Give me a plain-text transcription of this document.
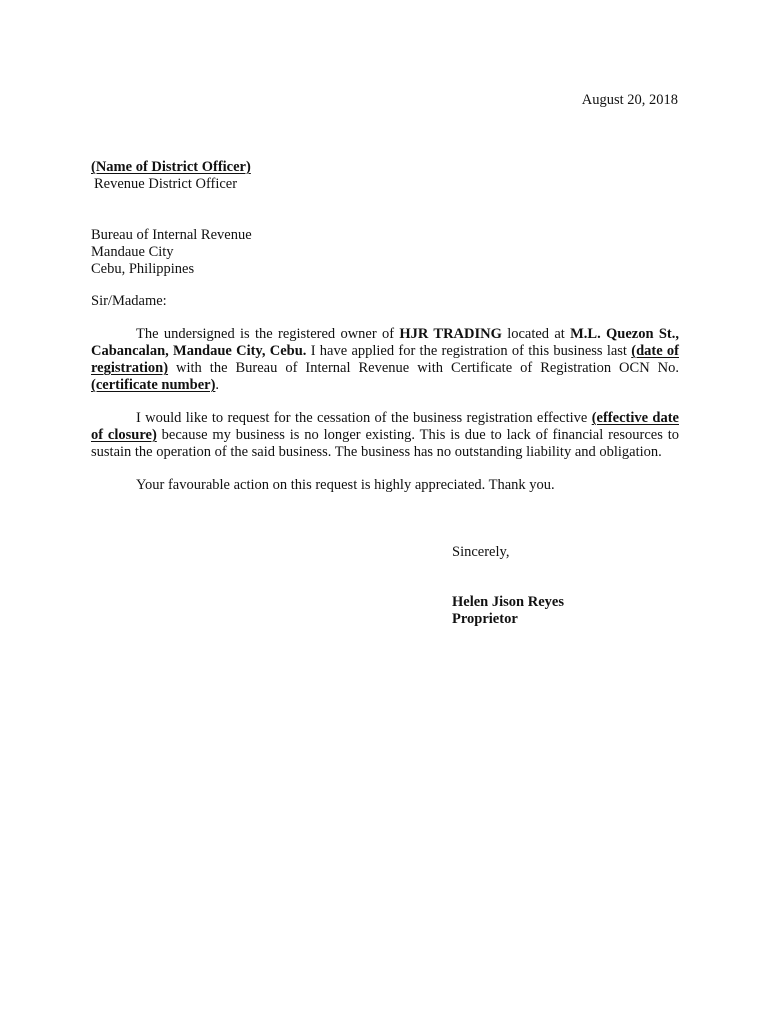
August 20, 2018

(Name of District Officer)
Revenue District Officer
Bureau of Internal Revenue
Mandaue City
Cebu, Philippines

Sir/Madame:

The undersigned is the registered owner of HJR TRADING located at M.L. Quezon St., Cabancalan, Mandaue City, Cebu. I have applied for the registration of this business last (date of registration) with the Bureau of Internal Revenue with Certificate of Registration OCN No. (certificate number).

I would like to request for the cessation of the business registration effective (effective date of closure) because my business is no longer existing. This is due to lack of financial resources to sustain the operation of the said business. The business has no outstanding liability and obligation.

Your favourable action on this request is highly appreciated. Thank you.

Sincerely,

Helen Jison Reyes
Proprietor
